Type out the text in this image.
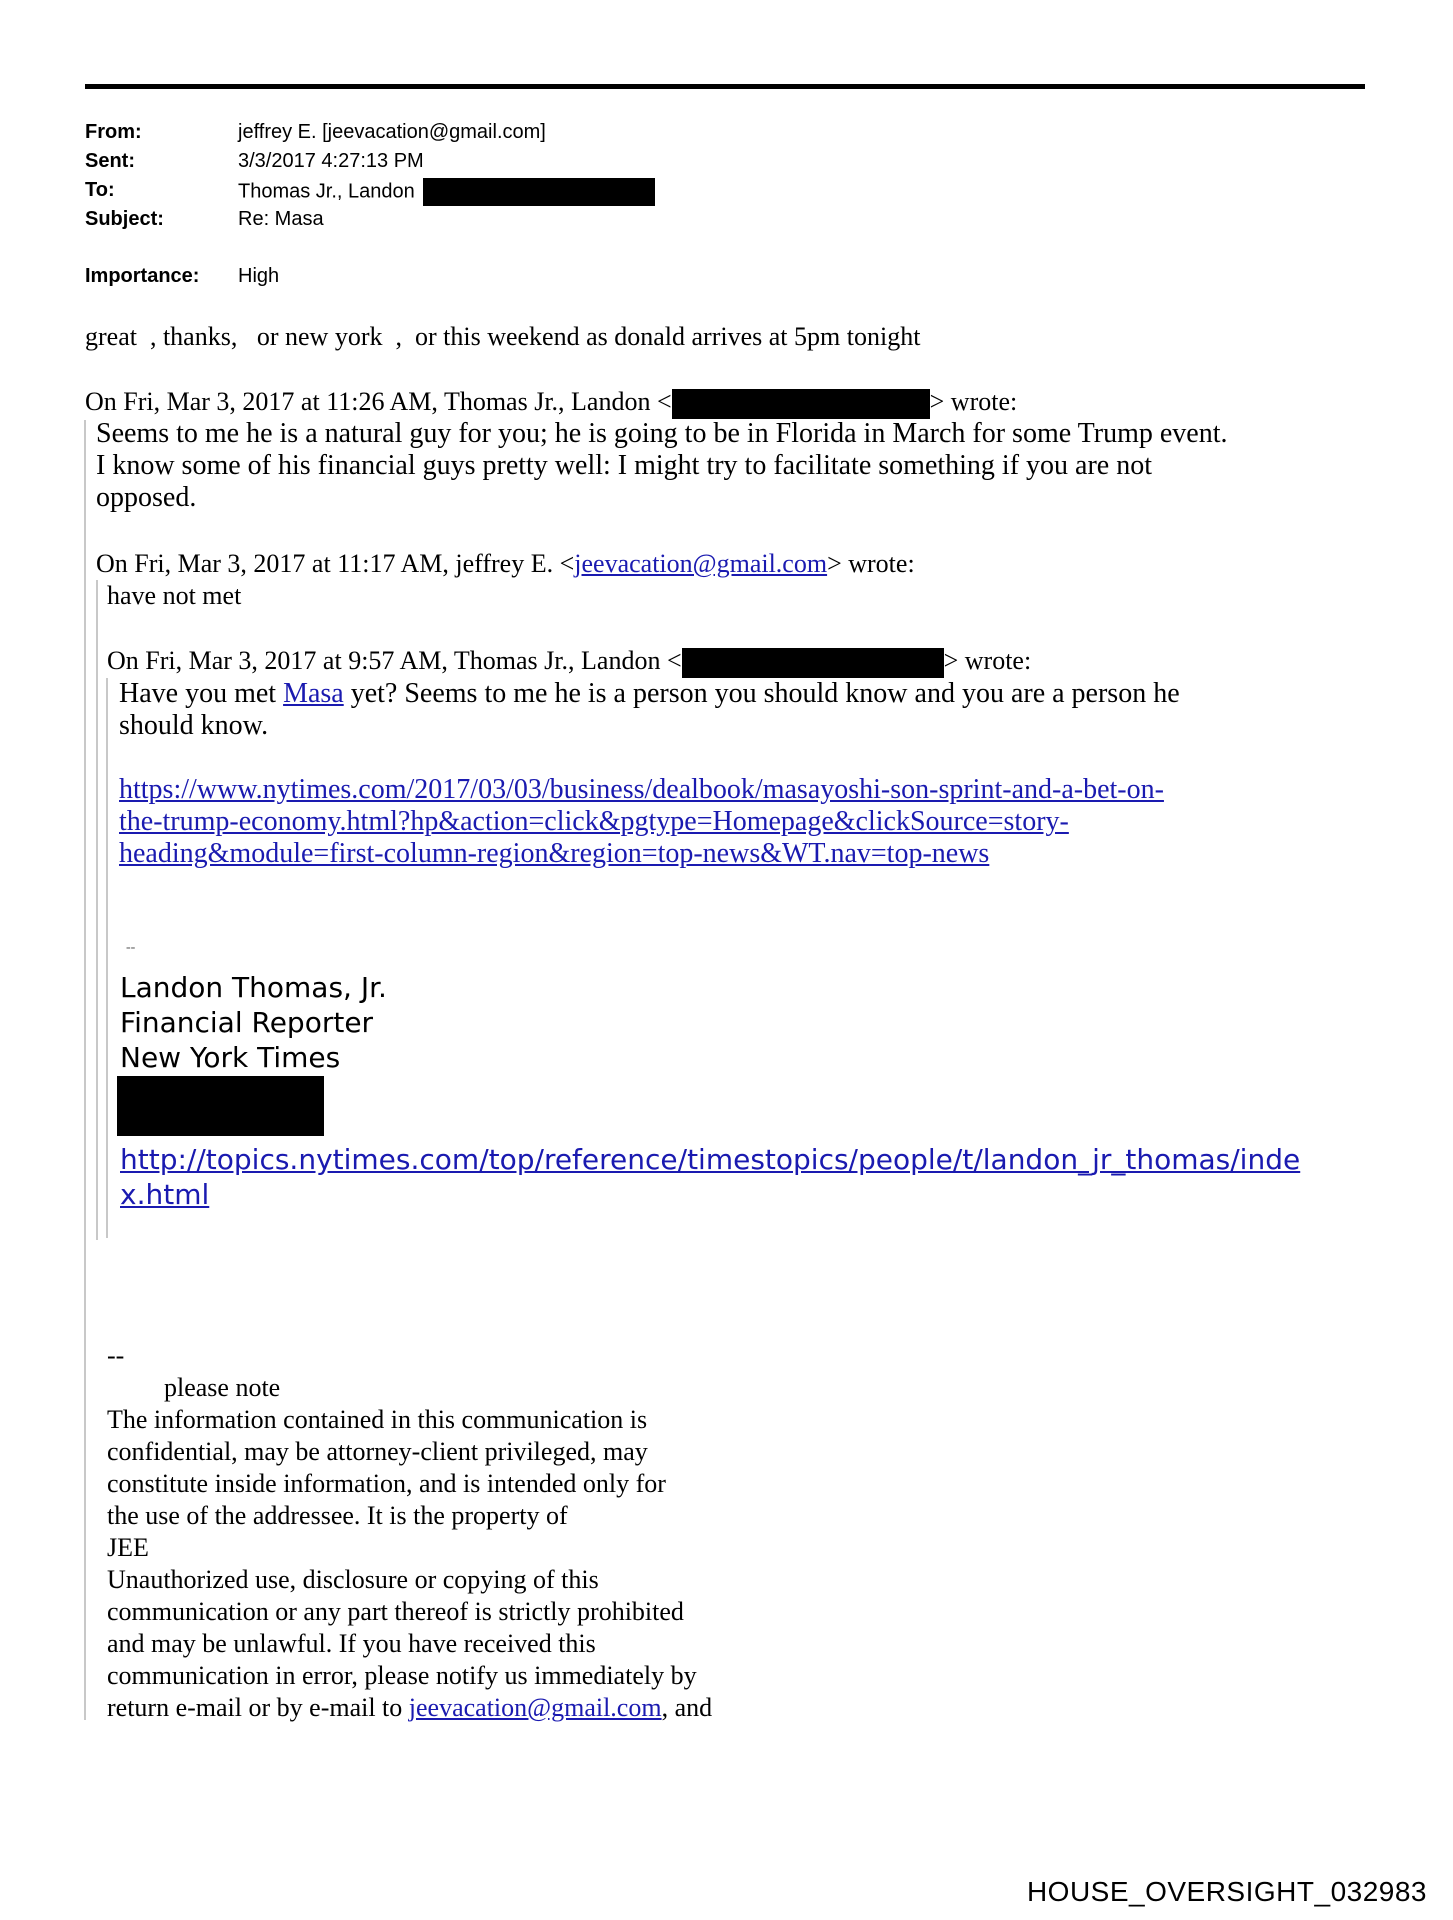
From:	jeffrey E. [jeevacation@gmail.com]
Sent:	3/3/2017 4:27:13 PM
To:	Thomas Jr., Landon
Subject:	Re: Masa
Importance:	High
great  , thanks,   or new york  ,  or this weekend as donald arrives at 5pm tonight
On Fri, Mar 3, 2017 at 11:26 AM, Thomas Jr., Landon <	> wrote:
Seems to me he is a natural guy for you; he is going to be in Florida in March for some Trump event.
I know some of his financial guys pretty well: I might try to facilitate something if you are not
opposed.
On Fri, Mar 3, 2017 at 11:17 AM, jeffrey E. <jeevacation@gmail.com> wrote:
have not met
On Fri, Mar 3, 2017 at 9:57 AM, Thomas Jr., Landon <	> wrote:
Have you met Masa yet? Seems to me he is a person you should know and you are a person he
should know.
https://www.nytimes.com/2017/03/03/business/dealbook/masayoshi-son-sprint-and-a-bet-on-
the-trump-economy.html?hp&action=click&pgtype=Homepage&clickSource=story-
heading&module=first-column-region&region=top-news&WT.nav=top-news
--
Landon Thomas, Jr.
Financial Reporter
New York Times
http://topics.nytimes.com/top/reference/timestopics/people/t/landon_jr_thomas/inde
x.html
--
please note
The information contained in this communication is
confidential, may be attorney-client privileged, may
constitute inside information, and is intended only for
the use of the addressee. It is the property of
JEE
Unauthorized use, disclosure or copying of this
communication or any part thereof is strictly prohibited
and may be unlawful. If you have received this
communication in error, please notify us immediately by
return e-mail or by e-mail to jeevacation@gmail.com, and
HOUSE_OVERSIGHT_032983
